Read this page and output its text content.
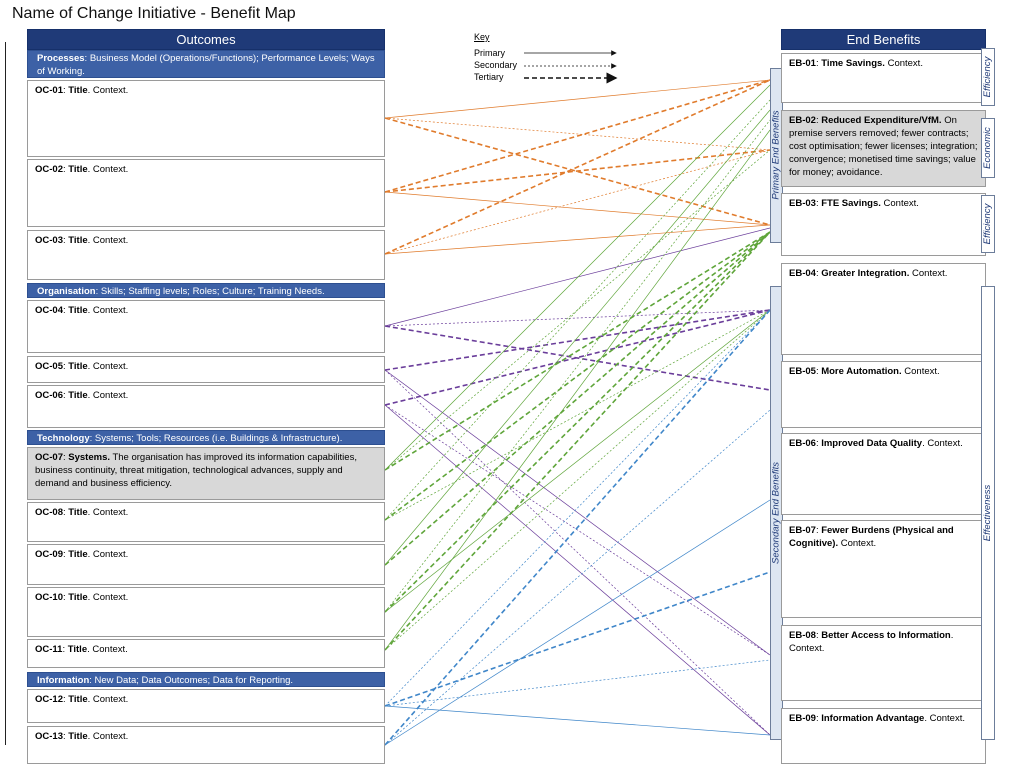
Name of Change Initiative - Benefit Map
Outcomes
Processes: Business Model (Operations/Functions); Performance Levels; Ways of Working.
Organisation: Skills; Staffing levels; Roles; Culture; Training Needs.
Technology: Systems; Tools; Resources (i.e. Buildings & Infrastructure).
Information: New Data; Data Outcomes; Data for Reporting.
OC-01: Title. Context.
OC-02: Title. Context.
OC-03: Title. Context.
OC-04: Title. Context.
OC-05: Title. Context.
OC-06: Title. Context.
OC-07: Systems. The organisation has improved its information capabilities, business continuity, threat mitigation, technological advances, supply and demand and business efficiency.
OC-08: Title. Context.
OC-09: Title. Context.
OC-10: Title. Context.
OC-11: Title. Context.
OC-12: Title. Context.
OC-13: Title. Context.
Key
Primary
Secondary
Tertiary
Primary End Benefits
Secondary End Benefits
End Benefits
EB-01: Time Savings. Context.
EB-02: Reduced Expenditure/VfM. On premise servers removed; fewer contracts; cost optimisation; fewer licenses; integration; convergence; monetised time savings; value for money; avoidance.
EB-03: FTE Savings. Context.
EB-04: Greater Integration. Context.
EB-05: More Automation. Context.
EB-06: Improved Data Quality. Context.
EB-07: Fewer Burdens (Physical and Cognitive). Context.
EB-08: Better Access to Information. Context.
EB-09: Information Advantage. Context.
Efficiency
Economic
Efficiency
Effectiveness
